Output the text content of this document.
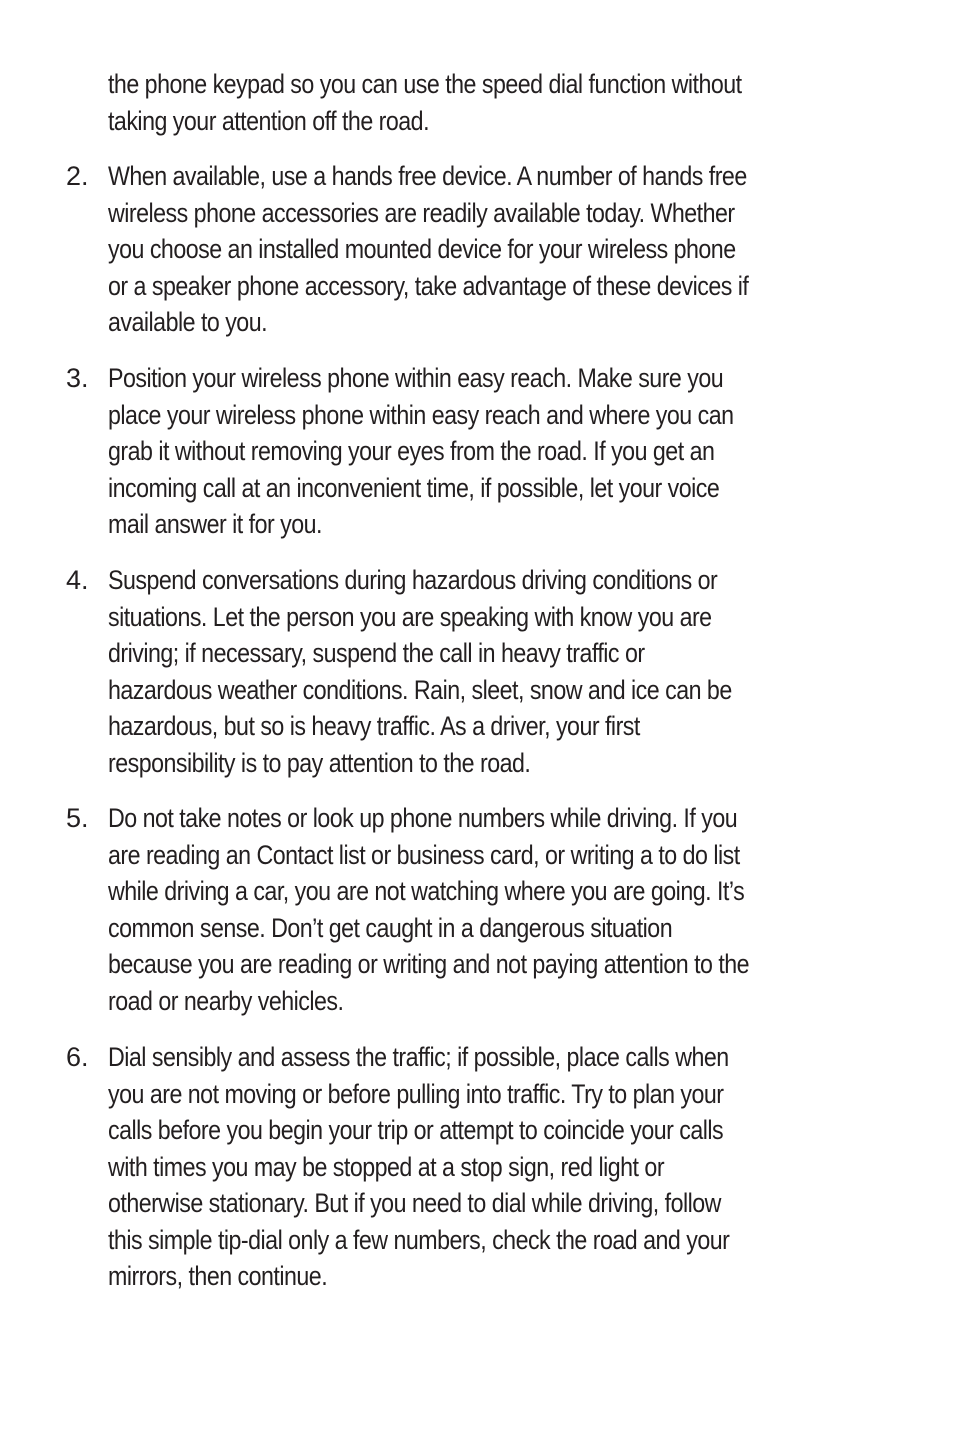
the phone keypad so you can use the speed dial function without
taking your attention off the road.
2. When available, use a hands free device. A number of hands free
wireless phone accessories are readily available today. Whether
you choose an installed mounted device for your wireless phone
or a speaker phone accessory, take advantage of these devices if
available to you.
3. Position your wireless phone within easy reach. Make sure you
place your wireless phone within easy reach and where you can
grab it without removing your eyes from the road. If you get an
incoming call at an inconvenient time, if possible, let your voice
mail answer it for you.
4. Suspend conversations during hazardous driving conditions or
situations. Let the person you are speaking with know you are
driving; if necessary, suspend the call in heavy traffic or
hazardous weather conditions. Rain, sleet, snow and ice can be
hazardous, but so is heavy traffic. As a driver, your first
responsibility is to pay attention to the road.
5. Do not take notes or look up phone numbers while driving. If you
are reading an Contact list or business card, or writing a to do list
while driving a car, you are not watching where you are going. It’s
common sense. Don’t get caught in a dangerous situation
because you are reading or writing and not paying attention to the
road or nearby vehicles.
6. Dial sensibly and assess the traffic; if possible, place calls when
you are not moving or before pulling into traffic. Try to plan your
calls before you begin your trip or attempt to coincide your calls
with times you may be stopped at a stop sign, red light or
otherwise stationary. But if you need to dial while driving, follow
this simple tip-dial only a few numbers, check the road and your
mirrors, then continue.
